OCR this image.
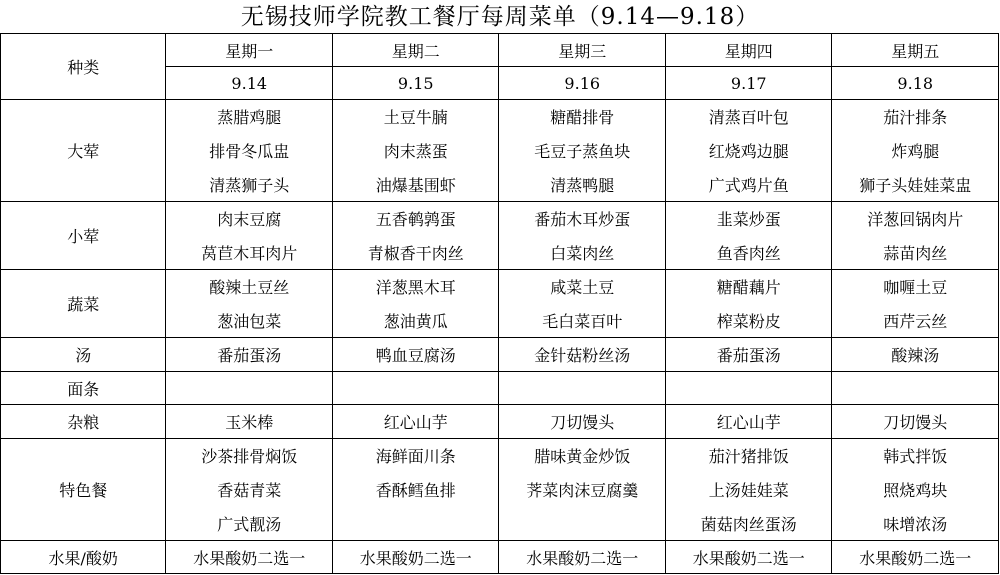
无锡技师学院教工餐厅每周菜单（9.14—9.18）
种类	星期一	星期二	星期三	星期四	星期五
	9.14	9.15	9.16	9.17	9.18
大荤	蒸腊鸡腿	土豆牛腩	糖醋排骨	清蒸百叶包	茄汁排条
	排骨冬瓜盅	肉末蒸蛋	毛豆子蒸鱼块	红烧鸡边腿	炸鸡腿
	清蒸狮子头	油爆基围虾	清蒸鸭腿	广式鸡片鱼	狮子头娃娃菜盅
小荤	肉末豆腐	五香鹌鹑蛋	番茄木耳炒蛋	韭菜炒蛋	洋葱回锅肉片
	莴苣木耳肉片	青椒香干肉丝	白菜肉丝	鱼香肉丝	蒜苗肉丝
蔬菜	酸辣土豆丝	洋葱黑木耳	咸菜土豆	糖醋藕片	咖喱土豆
	葱油包菜	葱油黄瓜	毛白菜百叶	榨菜粉皮	西芹云丝
汤	番茄蛋汤	鸭血豆腐汤	金针菇粉丝汤	番茄蛋汤	酸辣汤
面条					
杂粮	玉米棒	红心山芋	刀切馒头	红心山芋	刀切馒头
特色餐	沙茶排骨焖饭	海鲜面川条	腊味黄金炒饭	茄汁猪排饭	韩式拌饭
	香菇青菜	香酥鳕鱼排	荠菜肉沫豆腐羹	上汤娃娃菜	照烧鸡块
	广式靓汤			菌菇肉丝蛋汤	味增浓汤
水果/酸奶	水果酸奶二选一	水果酸奶二选一	水果酸奶二选一	水果酸奶二选一	水果酸奶二选一
